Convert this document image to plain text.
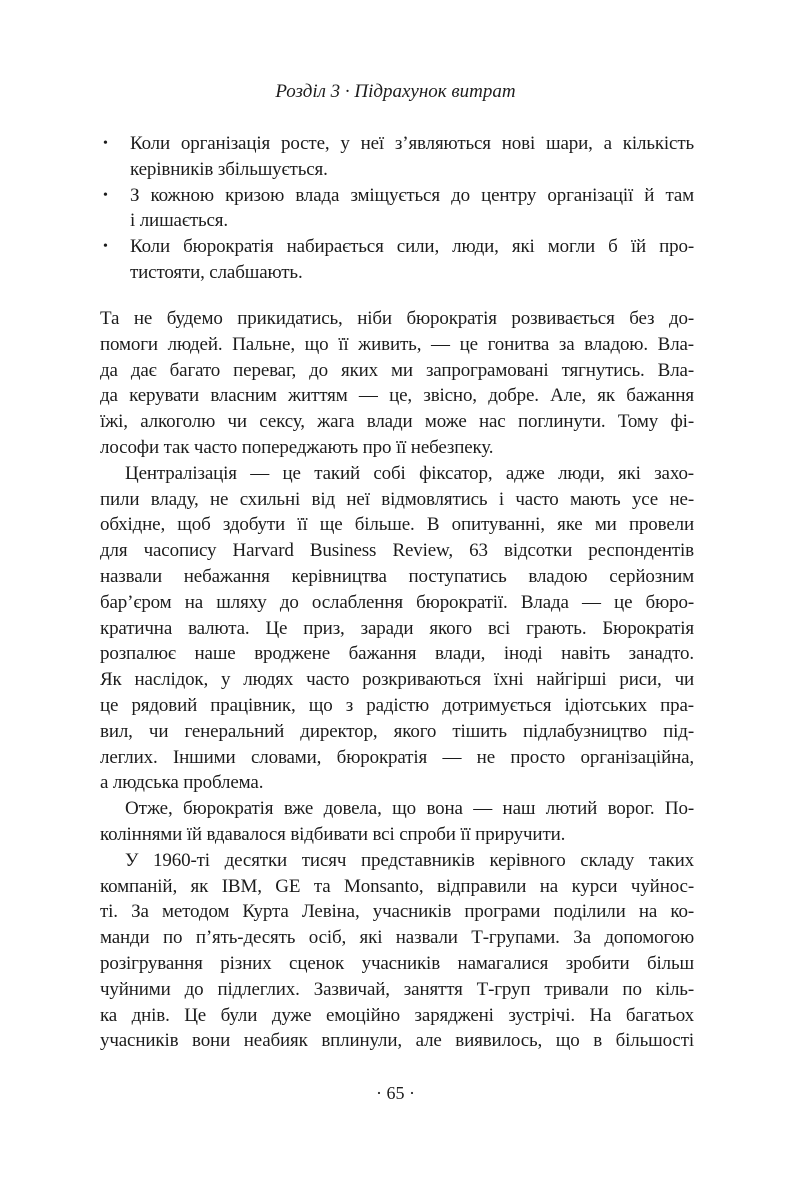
Розділ 3 · Підрахунок витрат
• Коли організація росте, у неї з’являються нові шари, а кількість
керівників збільшується.
• З кожною кризою влада зміщується до центру організації й там
і лишається.
• Коли бюрократія набирається сили, люди, які могли б їй про-
тистояти, слабшають.
Та не будемо прикидатись, ніби бюрократія розвивається без до-
помоги людей. Пальне, що її живить, — це гонитва за владою. Вла-
да дає багато переваг, до яких ми запрограмовані тягнутись. Вла-
да керувати власним життям — це, звісно, добре. Але, як бажання
їжі, алкоголю чи сексу, жага влади може нас поглинути. Тому фі-
лософи так часто попереджають про її небезпеку.
Централізація — це такий собі фіксатор, адже люди, які захо-
пили владу, не схильні від неї відмовлятись і часто мають усе не-
обхідне, щоб здобути її ще більше. В опитуванні, яке ми провели
для часопису Harvard Business Review, 63 відсотки респондентів
назвали небажання керівництва поступатись владою серйозним
бар’єром на шляху до ослаблення бюрократії. Влада — це бюро-
кратична валюта. Це приз, заради якого всі грають. Бюрократія
розпалює наше вроджене бажання влади, іноді навіть занадто.
Як наслідок, у людях часто розкриваються їхні найгірші риси, чи
це рядовий працівник, що з радістю дотримується ідіотських пра-
вил, чи генеральний директор, якого тішить підлабузництво під-
леглих. Іншими словами, бюрократія — не просто організаційна,
а людська проблема.
Отже, бюрократія вже довела, що вона — наш лютий ворог. По-
коліннями їй вдавалося відбивати всі спроби її приручити.
У 1960-ті десятки тисяч представників керівного складу таких
компаній, як IBM, GE та Monsanto, відправили на курси чуйнос-
ті. За методом Курта Левіна, учасників програми поділили на ко-
манди по п’ять-десять осіб, які назвали Т-групами. За допомогою
розігрування різних сценок учасників намагалися зробити більш
чуйними до підлеглих. Зазвичай, заняття Т-груп тривали по кіль-
ка днів. Це були дуже емоційно заряджені зустрічі. На багатьох
учасників вони неабияк вплинули, але виявилось, що в більшості
· 65 ·
